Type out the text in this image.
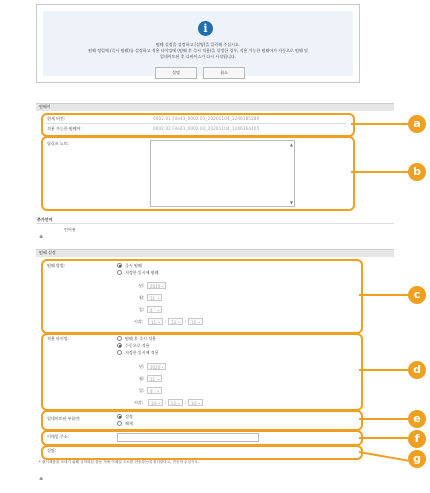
i
펌웨 설정을 설정하고 [설명]을 클릭해 주십시오.
펌웨 정렬에 (즉시 펌웨)를 설정하고 적용 타이밍에 (펌웨 후 즉시 적용)을 설정한 경우, 적용 가능한 펌웨어가 자동으로 펌웨 및
업데이트된 후 디바이스가 다시 시작됩니다.
설명	취소
펌웨어
현재 버전:	0002.01 File43_0002.01_20201104_1246185289
적용 가능한 펌웨어:	0002.02 File43_0002.02_20201104_1246264405
릴리즈 노트:	▲
▼
추가언어
인어권
≛
펌웨 설정
펌웨 방법:	즉시 펌웨
지정한 일시에 펌웨
년:	2020 ⌄
월:	11 ⌄
일:	4 ⌄
시각:	11 ⌄	:	33 ⌄	:	10 ⌄
적용 타이밍:	펌웨 후 즉시 적용
수동으로 적용
지정한 일시에 적용
년:	2020 ⌄
월:	11 ⌄
일:	4 ⌄
시각:	14 ⌄	:	33 ⌄	:	10 ⌄
업데이트된 부품만:	설정
해제
이메일 주소:
설명:
* 출시제품을 보내기 위해 규칙화된 을운 적에 이메일 주소를 전송하는데 정의한다고, 전송하 수십시오.
≛
a
b
c
d
e
f
g
